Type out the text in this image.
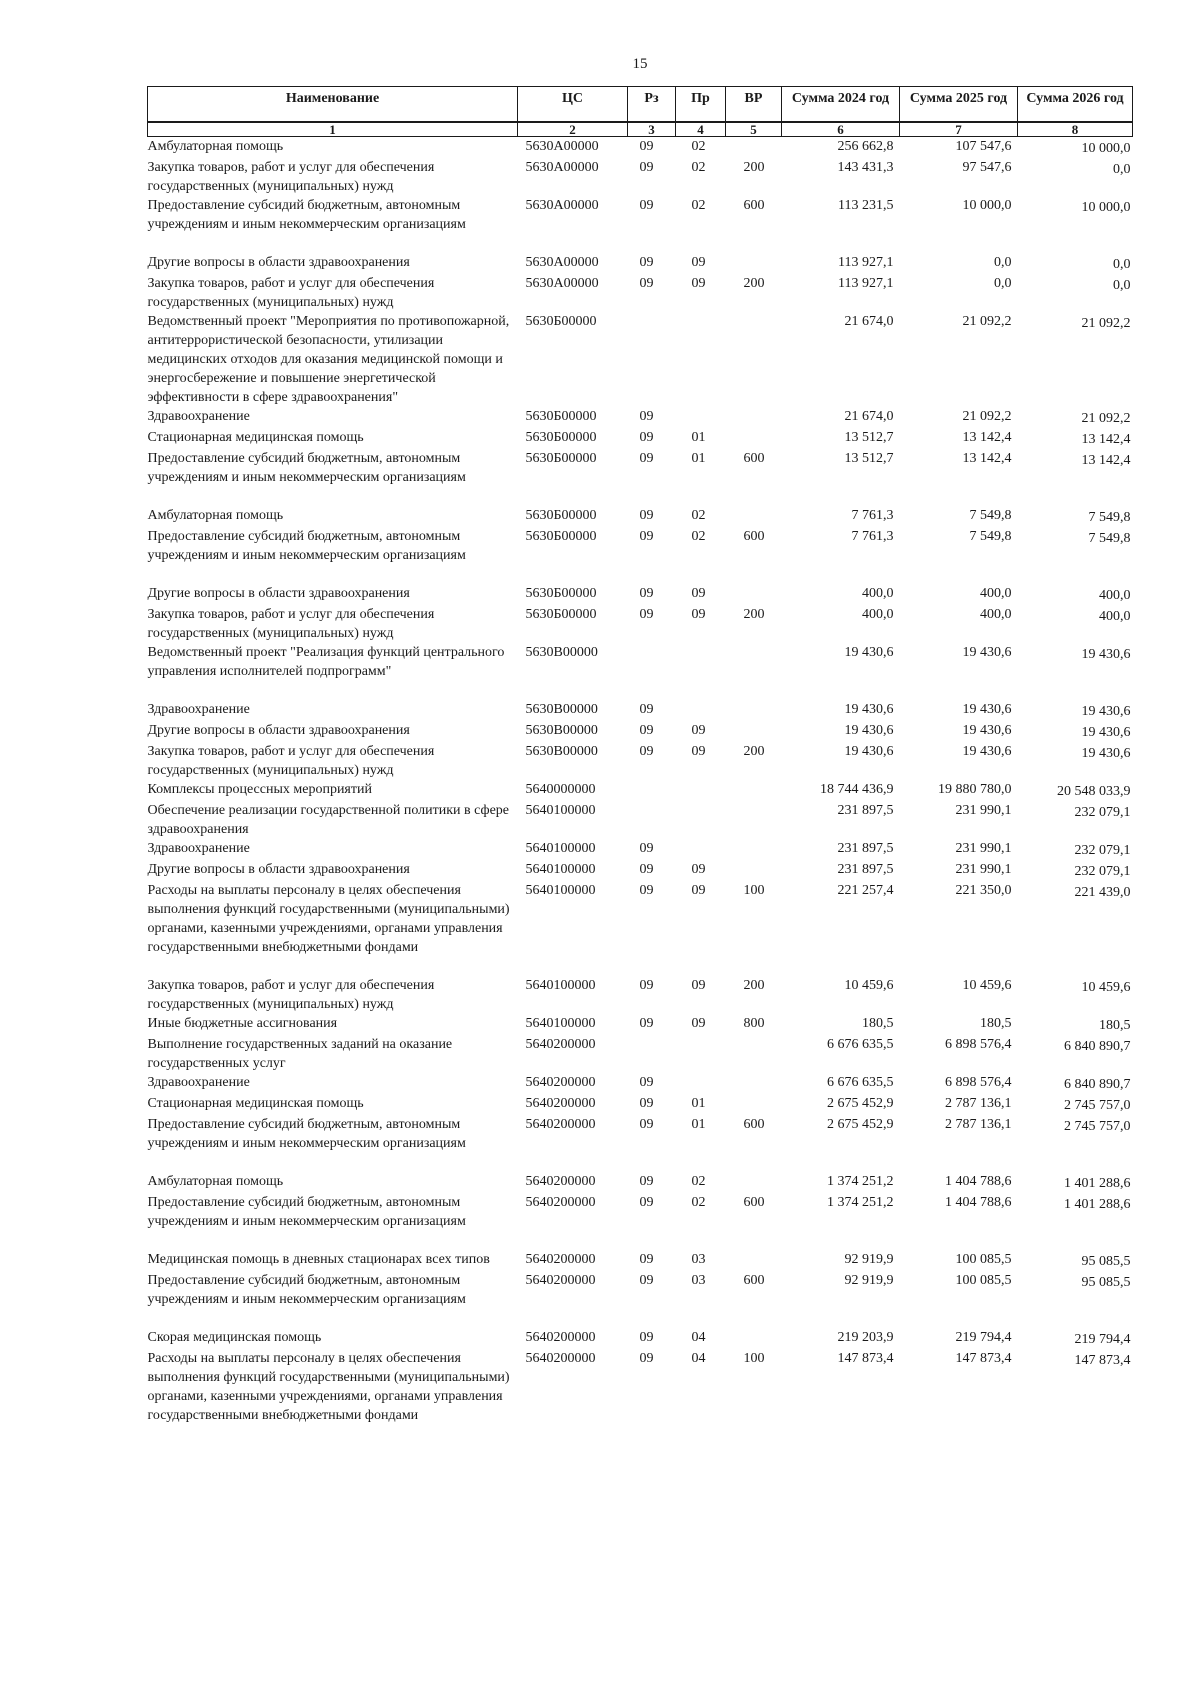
15
Наименование	ЦС	Рз	Пр	ВР	Сумма 2024 год	Сумма 2025 год	Сумма 2026 год
1	2	3	4	5	6	7	8
Амбулаторная помощь	5630А00000	09	02		256 662,8	107 547,6	10 000,0
Закупка товаров, работ и услуг для обеспечения государственных (муниципальных) нужд	5630А00000	09	02	200	143 431,3	97 547,6	0,0
Предоставление субсидий бюджетным, автономным учреждениям и иным некоммерческим организациям	5630А00000	09	02	600	113 231,5	10 000,0	10 000,0
Другие вопросы в области здравоохранения	5630А00000	09	09		113 927,1	0,0	0,0
Закупка товаров, работ и услуг для обеспечения государственных (муниципальных) нужд	5630А00000	09	09	200	113 927,1	0,0	0,0
Ведомственный проект "Мероприятия по противопожарной, антитеррористической безопасности, утилизации медицинских отходов для оказания медицинской помощи и энергосбережение и повышение энергетической эффективности в сфере здравоохранения"	5630Б00000				21 674,0	21 092,2	21 092,2
Здравоохранение	5630Б00000	09			21 674,0	21 092,2	21 092,2
Стационарная медицинская помощь	5630Б00000	09	01		13 512,7	13 142,4	13 142,4
Предоставление субсидий бюджетным, автономным учреждениям и иным некоммерческим организациям	5630Б00000	09	01	600	13 512,7	13 142,4	13 142,4
Амбулаторная помощь	5630Б00000	09	02		7 761,3	7 549,8	7 549,8
Предоставление субсидий бюджетным, автономным учреждениям и иным некоммерческим организациям	5630Б00000	09	02	600	7 761,3	7 549,8	7 549,8
Другие вопросы в области здравоохранения	5630Б00000	09	09		400,0	400,0	400,0
Закупка товаров, работ и услуг для обеспечения государственных (муниципальных) нужд	5630Б00000	09	09	200	400,0	400,0	400,0
Ведомственный проект "Реализация функций центрального управления исполнителей подпрограмм"	5630В00000				19 430,6	19 430,6	19 430,6
Здравоохранение	5630В00000	09			19 430,6	19 430,6	19 430,6
Другие вопросы в области здравоохранения	5630В00000	09	09		19 430,6	19 430,6	19 430,6
Закупка товаров, работ и услуг для обеспечения государственных (муниципальных) нужд	5630В00000	09	09	200	19 430,6	19 430,6	19 430,6
Комплексы процессных мероприятий	5640000000				18 744 436,9	19 880 780,0	20 548 033,9
Обеспечение реализации государственной политики в сфере здравоохранения	5640100000				231 897,5	231 990,1	232 079,1
Здравоохранение	5640100000	09			231 897,5	231 990,1	232 079,1
Другие вопросы в области здравоохранения	5640100000	09	09		231 897,5	231 990,1	232 079,1
Расходы на выплаты персоналу в целях обеспечения выполнения функций государственными (муниципальными) органами, казенными учреждениями, органами управления государственными внебюджетными фондами	5640100000	09	09	100	221 257,4	221 350,0	221 439,0
Закупка товаров, работ и услуг для обеспечения государственных (муниципальных) нужд	5640100000	09	09	200	10 459,6	10 459,6	10 459,6
Иные бюджетные ассигнования	5640100000	09	09	800	180,5	180,5	180,5
Выполнение государственных заданий на оказание государственных услуг	5640200000				6 676 635,5	6 898 576,4	6 840 890,7
Здравоохранение	5640200000	09			6 676 635,5	6 898 576,4	6 840 890,7
Стационарная медицинская помощь	5640200000	09	01		2 675 452,9	2 787 136,1	2 745 757,0
Предоставление субсидий бюджетным, автономным учреждениям и иным некоммерческим организациям	5640200000	09	01	600	2 675 452,9	2 787 136,1	2 745 757,0
Амбулаторная помощь	5640200000	09	02		1 374 251,2	1 404 788,6	1 401 288,6
Предоставление субсидий бюджетным, автономным учреждениям и иным некоммерческим организациям	5640200000	09	02	600	1 374 251,2	1 404 788,6	1 401 288,6
Медицинская помощь в дневных стационарах всех типов	5640200000	09	03		92 919,9	100 085,5	95 085,5
Предоставление субсидий бюджетным, автономным учреждениям и иным некоммерческим организациям	5640200000	09	03	600	92 919,9	100 085,5	95 085,5
Скорая медицинская помощь	5640200000	09	04		219 203,9	219 794,4	219 794,4
Расходы на выплаты персоналу в целях обеспечения выполнения функций государственными (муниципальными) органами, казенными учреждениями, органами управления государственными внебюджетными фондами	5640200000	09	04	100	147 873,4	147 873,4	147 873,4
